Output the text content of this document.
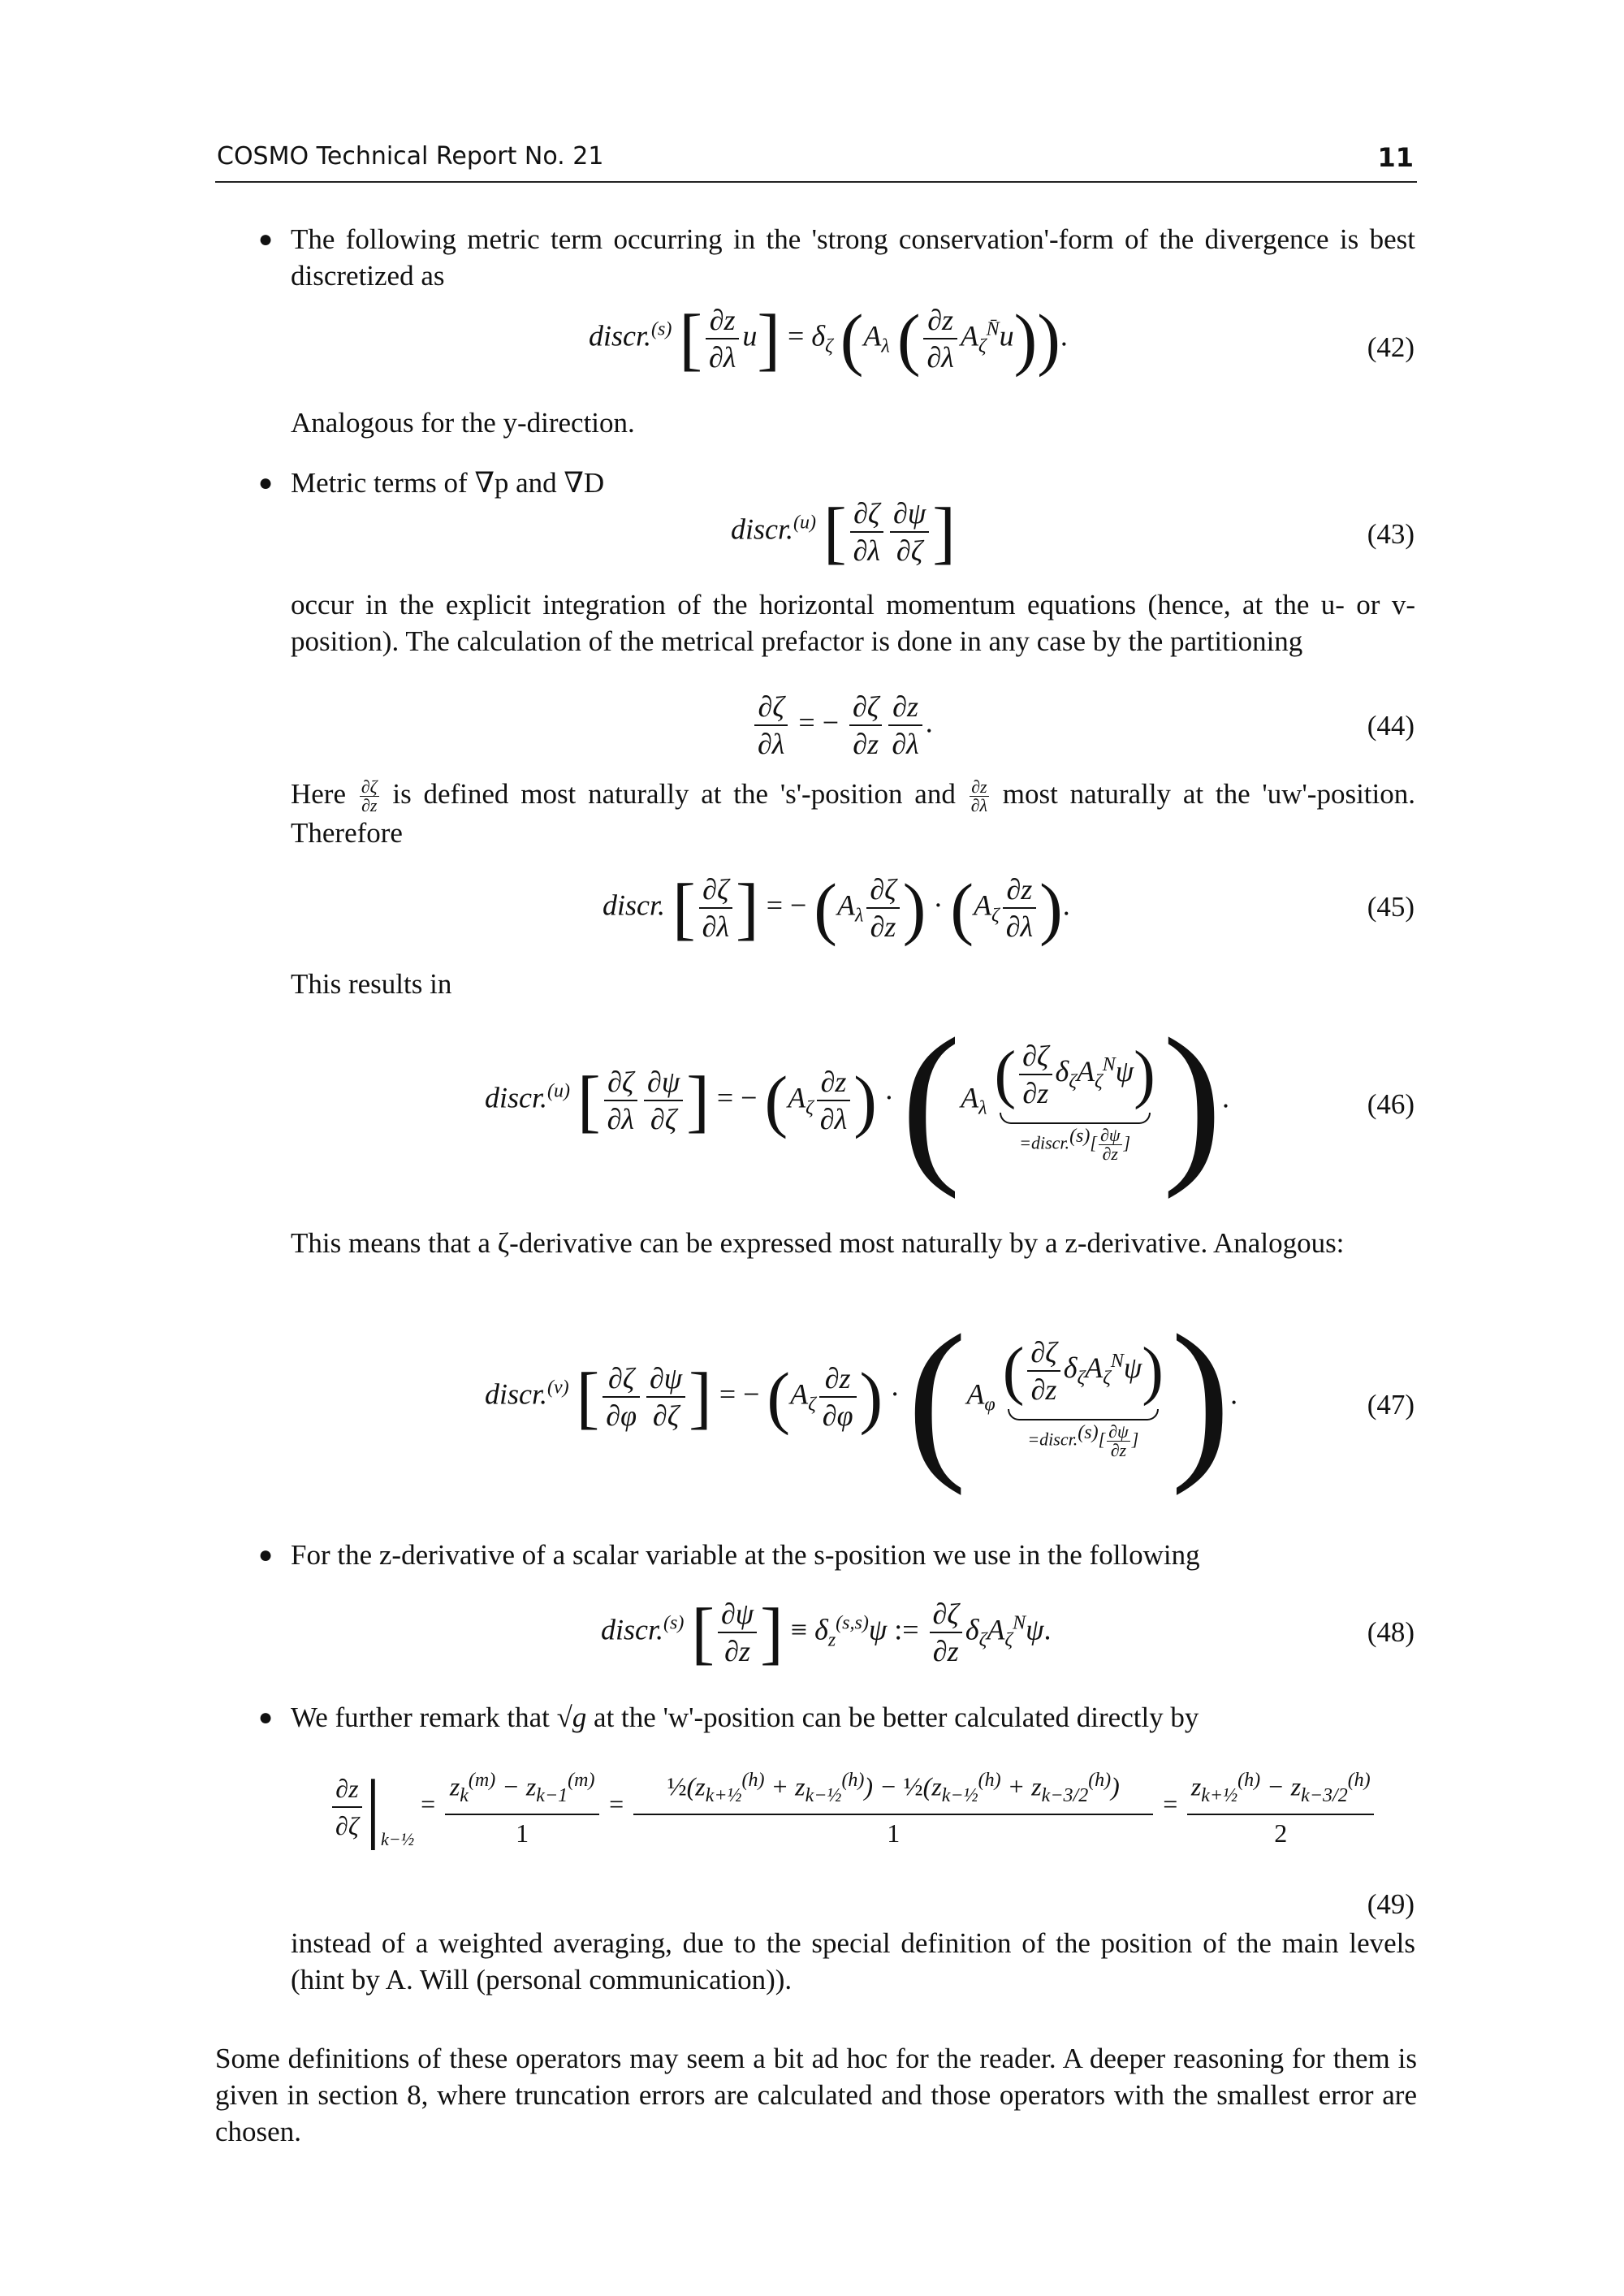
COSMO Technical Report No. 21	11
● The following metric term occurring in the 'strong conservation'-form of the divergence is best discretized as
discr.$^{(s)}$ [ $\frac{\partial z}{\partial\lambda} u] = \delta_\zeta$ ($A_\lambda$ ( $\frac{\partial z}{\partial\lambda} A_\zeta^{N̄}u$)).	(42)
Analogous for the y-direction.
● Metric terms of ∇p and ∇D
discr.$^{(u)}$ [ $\frac{\partial\zeta}{\partial\lambda} \frac{\partial\psi}{\partial\zeta}$ ]	(43)
occur in the explicit integration of the horizontal momentum equations (hence, at the u- or v-position). The calculation of the metrical prefactor is done in any case by the partitioning
$\frac{\partial\zeta}{\partial\lambda}$ = − $\frac{\partial\zeta}{\partial z} \frac{\partial z}{\partial\lambda}$ .	(44)
Here $\frac{\partial\zeta}{\partial z}$ is defined most naturally at the 's'-position and $\frac{\partial z}{\partial\lambda}$ most naturally at the 'uw'-position. Therefore
discr. [ $\frac{\partial\zeta}{\partial\lambda}$ ] = − ($A_\lambda \frac{\partial\zeta}{\partial z}$ ) · ($A_\zeta \frac{\partial z}{\partial\lambda}$ ).	(45)
This results in
discr.$^{(u)}$ [ $\frac{\partial\zeta}{\partial\lambda} \frac{\partial\psi}{\partial\zeta}$ ] = − ($A_\zeta \frac{\partial z}{\partial\lambda}$ ) · ($A_\lambda$ ( $\frac{\partial\zeta}{\partial z} \delta_\zeta A_\zeta^N\psi$)
=discr.$^{(s)}$[ $\frac{\partial\psi}{\partial z}$ ] ).	(46)
This means that a ζ-derivative can be expressed most naturally by a z-derivative. Analogous:
discr.$^{(v)}$ [ $\frac{\partial\zeta}{\partial\varphi} \frac{\partial\psi}{\partial\zeta}$ ] = − ($A_\zeta \frac{\partial z}{\partial\varphi}$ ) · ($A_\varphi$ ( $\frac{\partial\zeta}{\partial z} \delta_\zeta A_\zeta^N\psi$)
=discr.$^{(s)}$[ $\frac{\partial\psi}{\partial z}$ ] ).	(47)
● For the z-derivative of a scalar variable at the s-position we use in the following
discr.$^{(s)}$ [ $\frac{\partial\psi}{\partial z}$ ] ≡ $\delta_z^{(s,s)}\psi$ := $\frac{\partial\zeta}{\partial z} \delta_\zeta A_\zeta^N\psi$.	(48)
● We further remark that √g at the 'w'-position can be better calculated directly by
$\frac{\partial z}{\partial\zeta} |_{k-\frac{1}{2}} = \frac{z_k^{(m)} - z_{k-1}^{(m)}}{1} = \frac{\frac{1}{2}(z_{k+\frac{1}{2}}^{(h)} + z_{k-\frac{1}{2}}^{(h)}) - \frac{1}{2}(z_{k-\frac{1}{2}}^{(h)} + z_{k-3/2}^{(h)})}{1} = \frac{z_{k+\frac{1}{2}}^{(h)} - z_{k-3/2}^{(h)}}{2}$
(49)
instead of a weighted averaging, due to the special definition of the position of the main levels (hint by A. Will (personal communication)).
Some definitions of these operators may seem a bit ad hoc for the reader. A deeper reasoning for them is given in section 8, where truncation errors are calculated and those operators with the smallest error are chosen.
